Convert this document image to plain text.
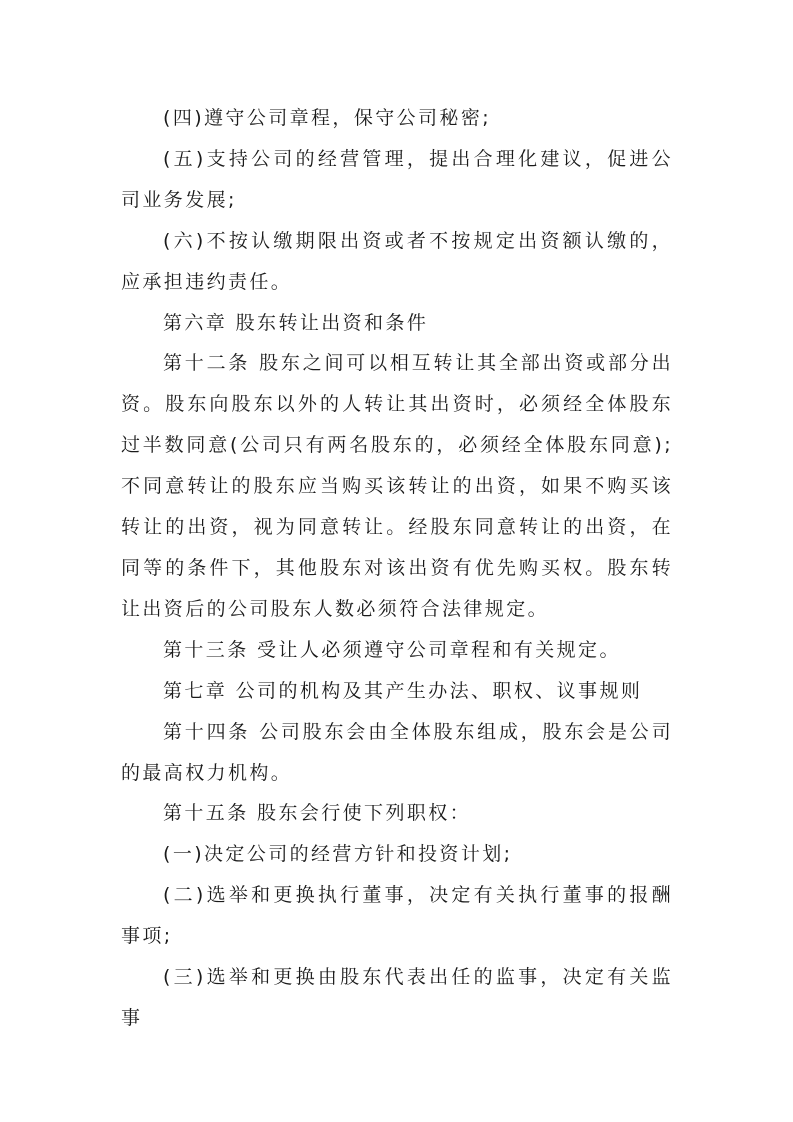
(四)遵守公司章程，保守公司秘密;

(五)支持公司的经营管理，提出合理化建议，促进公司业务发展;

(六)不按认缴期限出资或者不按规定出资额认缴的，应承担违约责任。

第六章 股东转让出资和条件

第十二条 股东之间可以相互转让其全部出资或部分出资。股东向股东以外的人转让其出资时，必须经全体股东过半数同意(公司只有两名股东的，必须经全体股东同意);不同意转让的股东应当购买该转让的出资，如果不购买该转让的出资，视为同意转让。经股东同意转让的出资，在同等的条件下，其他股东对该出资有优先购买权。股东转让出资后的公司股东人数必须符合法律规定。

第十三条 受让人必须遵守公司章程和有关规定。

第七章 公司的机构及其产生办法、职权、议事规则

第十四条 公司股东会由全体股东组成，股东会是公司的最高权力机构。

第十五条 股东会行使下列职权：

(一)决定公司的经营方针和投资计划;

(二)选举和更换执行董事，决定有关执行董事的报酬事项;

(三)选举和更换由股东代表出任的监事，决定有关监事
